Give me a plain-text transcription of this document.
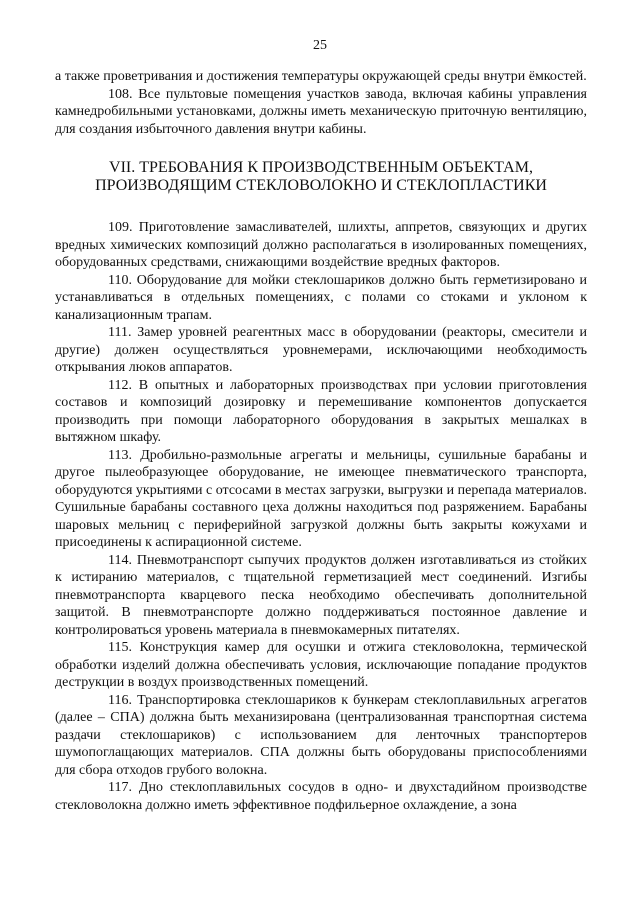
25

а также проветривания и достижения температуры окружающей среды внутри ёмкостей.

108. Все пультовые помещения участков завода, включая кабины управления камнедробильными установками, должны иметь механическую приточную вентиляцию, для создания избыточного давления внутри кабины.

VII. ТРЕБОВАНИЯ К ПРОИЗВОДСТВЕННЫМ ОБЪЕКТАМ,
ПРОИЗВОДЯЩИМ СТЕКЛОВОЛОКНО И СТЕКЛОПЛАСТИКИ

109. Приготовление замасливателей, шлихты, аппретов, связующих и других вредных химических композиций должно располагаться в изолированных помещениях, оборудованных средствами, снижающими воздействие вредных факторов.

110. Оборудование для мойки стеклошариков должно быть герметизировано и устанавливаться в отдельных помещениях, с полами со стоками и уклоном к канализационным трапам.

111. Замер уровней реагентных масс в оборудовании (реакторы, смесители и другие) должен осуществляться уровнемерами, исключающими необходимость открывания люков аппаратов.

112. В опытных и лабораторных производствах при условии приготовления составов и композиций дозировку и перемешивание компонентов допускается производить при помощи лабораторного оборудования в закрытых мешалках в вытяжном шкафу.

113. Дробильно-размольные агрегаты и мельницы, сушильные барабаны и другое пылеобразующее оборудование, не имеющее пневматического транспорта, оборудуются укрытиями с отсосами в местах загрузки, выгрузки и перепада материалов. Сушильные барабаны составного цеха должны находиться под разряжением. Барабаны шаровых мельниц с периферийной загрузкой должны быть закрыты кожухами и присоединены к аспирационной системе.

114. Пневмотранспорт сыпучих продуктов должен изготавливаться из стойких к истиранию материалов, с тщательной герметизацией мест соединений. Изгибы пневмотранспорта кварцевого песка необходимо обеспечивать дополнительной защитой. В пневмотранспорте должно поддерживаться постоянное давление и контролироваться уровень материала в пневмокамерных питателях.

115. Конструкция камер для осушки и отжига стекловолокна, термической обработки изделий должна обеспечивать условия, исключающие попадание продуктов деструкции в воздух производственных помещений.

116. Транспортировка стеклошариков к бункерам стеклоплавильных агрегатов (далее – СПА) должна быть механизирована (централизованная транспортная система раздачи стеклошариков) с использованием для ленточных транспортеров шумопоглащающих материалов. СПА должны быть оборудованы приспособлениями для сбора отходов грубого волокна.

117. Дно стеклоплавильных сосудов в одно- и двухстадийном производстве стекловолокна должно иметь эффективное подфильерное охлаждение, а зона
